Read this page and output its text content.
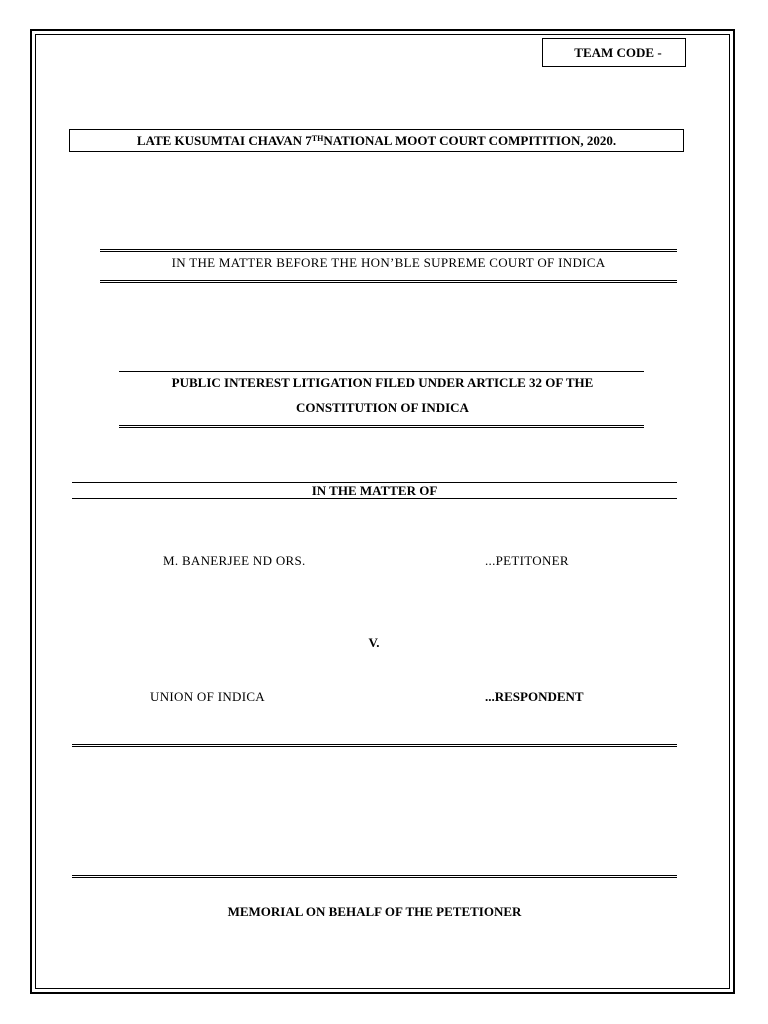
TEAM CODE -
LATE KUSUMTAI CHAVAN 7TH NATIONAL MOOT COURT COMPITITION, 2020.
IN THE MATTER BEFORE THE HON’BLE SUPREME COURT OF INDICA
PUBLIC INTEREST LITIGATION FILED UNDER ARTICLE 32 OF THE
CONSTITUTION OF INDICA
IN THE MATTER OF
M. BANERJEE ND ORS.	...PETITONER
V.
UNION OF INDICA	...RESPONDENT
MEMORIAL ON BEHALF OF THE PETETIONER
